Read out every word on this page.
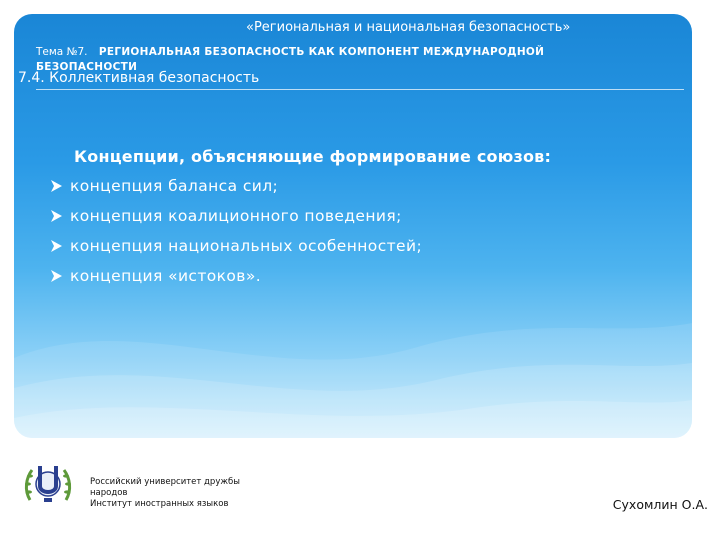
«Региональная и национальная безопасность»
Тема №7. РЕГИОНАЛЬНАЯ БЕЗОПАСНОСТЬ КАК КОМПОНЕНТ МЕЖДУНАРОДНОЙ БЕЗОПАСНОСТИ
7.4. Коллективная безопасность
Концепции, объясняющие формирование союзов:
концепция баланса сил;
концепция коалиционного поведения;
концепция национальных особенностей;
концепция «истоков».
Российский университет дружбы
народов
Институт иностранных языков	Сухомлин О.А.
